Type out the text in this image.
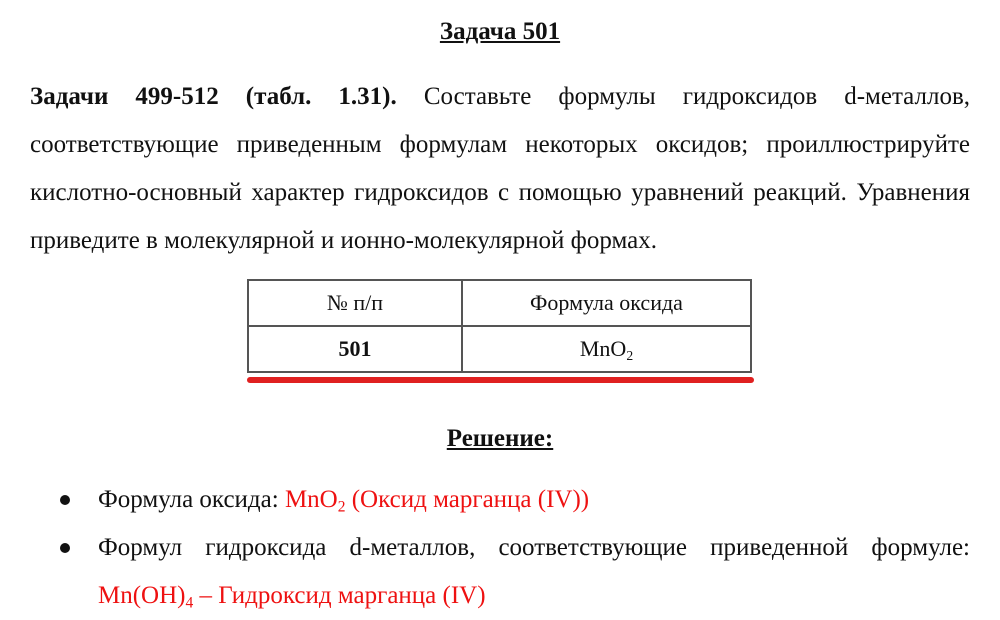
Задача 501
Задачи 499-512 (табл. 1.31). Составьте формулы гидроксидов d-металлов, соответствующие приведенным формулам некоторых оксидов; проиллюстрируйте кислотно-основный характер гидроксидов с помощью уравнений реакций. Уравнения приведите в молекулярной и ионно-молекулярной формах.
№ п/п	Формула оксида
501	MnO$_2$
Решение:
Формула оксида: MnO$_2$ (Оксид марганца (IV))
Формул гидроксида d-металлов, соответствующие приведенной формуле: $Mn(OH)_4$ – Гидроксид марганца (IV)
